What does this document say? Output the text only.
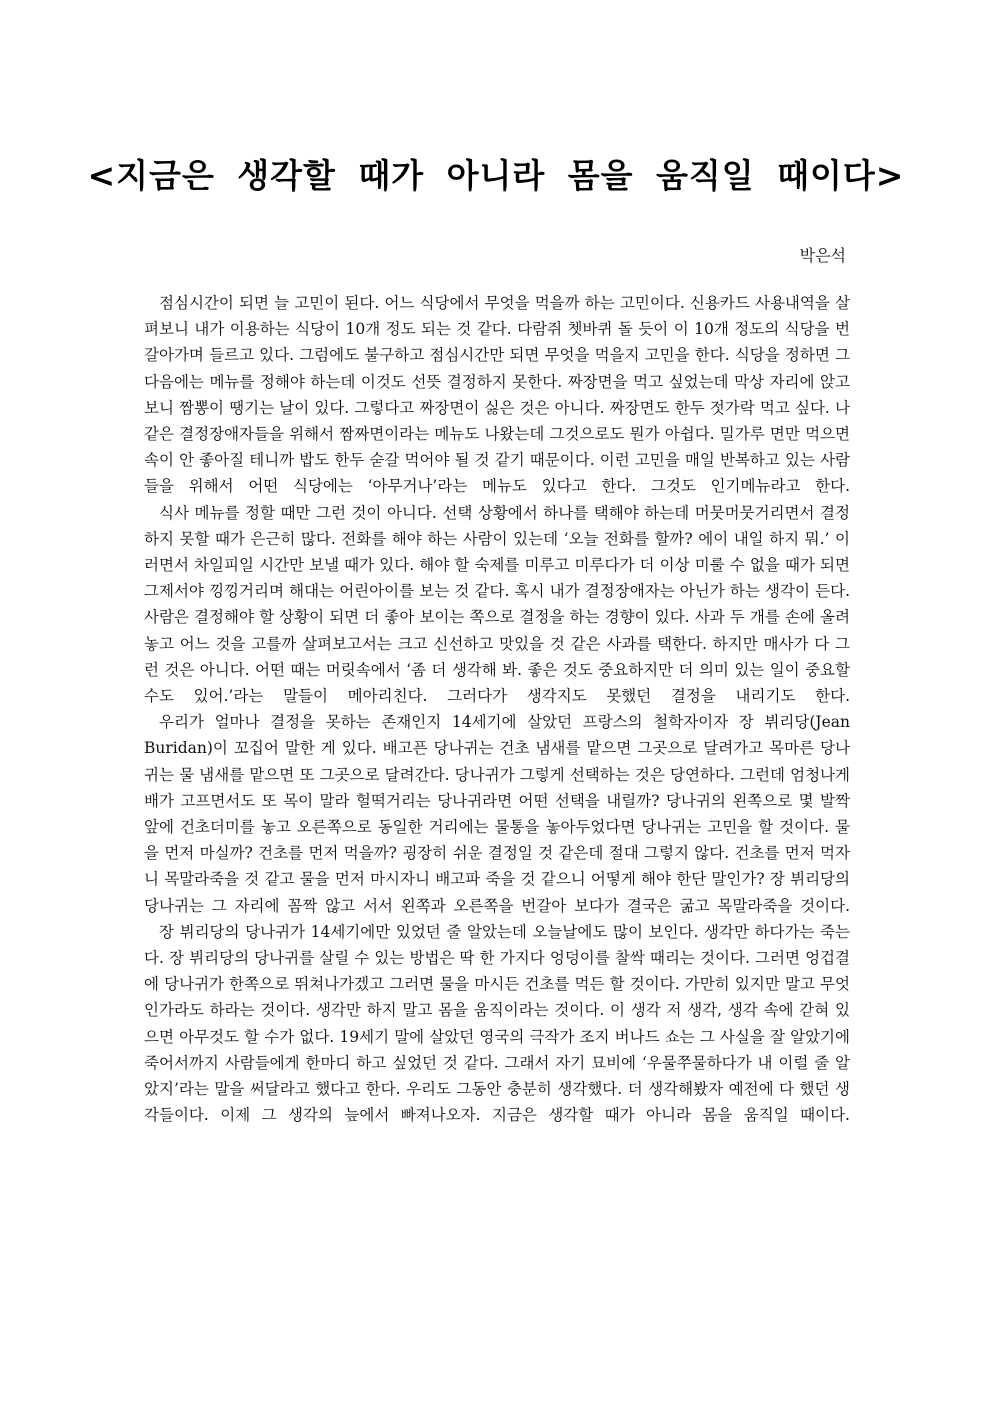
<지금은 생각할 때가 아니라 몸을 움직일 때이다>
박은석

점심시간이 되면 늘 고민이 된다. 어느 식당에서 무엇을 먹을까 하는 고민이다. 신용카드 사용내역을 살펴보니 내가 이용하는 식당이 10개 정도 되는 것 같다. 다람쥐 쳇바퀴 돌 듯이 이 10개 정도의 식당을 번갈아가며 들르고 있다. 그럼에도 불구하고 점심시간만 되면 무엇을 먹을지 고민을 한다. 식당을 정하면 그다음에는 메뉴를 정해야 하는데 이것도 선뜻 결정하지 못한다. 짜장면을 먹고 싶었는데 막상 자리에 앉고 보니 짬뽕이 땡기는 날이 있다. 그렇다고 짜장면이 싫은 것은 아니다. 짜장면도 한두 젓가락 먹고 싶다. 나 같은 결정장애자들을 위해서 짬짜면이라는 메뉴도 나왔는데 그것으로도 뭔가 아쉽다. 밀가루 면만 먹으면 속이 안 좋아질 테니까 밥도 한두 숟갈 먹어야 될 것 같기 때문이다. 이런 고민을 매일 반복하고 있는 사람들을 위해서 어떤 식당에는 ‘아무거나’라는 메뉴도 있다고 한다. 그것도 인기메뉴라고 한다.

식사 메뉴를 정할 때만 그런 것이 아니다. 선택 상황에서 하나를 택해야 하는데 머뭇머뭇거리면서 결정하지 못할 때가 은근히 많다. 전화를 해야 하는 사람이 있는데 ‘오늘 전화를 할까? 에이 내일 하지 뭐.’ 이러면서 차일피일 시간만 보낼 때가 있다. 해야 할 숙제를 미루고 미루다가 더 이상 미룰 수 없을 때가 되면 그제서야 낑낑거리며 해대는 어린아이를 보는 것 같다. 혹시 내가 결정장애자는 아닌가 하는 생각이 든다. 사람은 결정해야 할 상황이 되면 더 좋아 보이는 쪽으로 결정을 하는 경향이 있다. 사과 두 개를 손에 올려놓고 어느 것을 고를까 살펴보고서는 크고 신선하고 맛있을 것 같은 사과를 택한다. 하지만 매사가 다 그런 것은 아니다. 어떤 때는 머릿속에서 ‘좀 더 생각해 봐. 좋은 것도 중요하지만 더 의미 있는 일이 중요할 수도 있어.’라는 말들이 메아리친다. 그러다가 생각지도 못했던 결정을 내리기도 한다.

우리가 얼마나 결정을 못하는 존재인지 14세기에 살았던 프랑스의 철학자이자 장 뷔리당(Jean Buridan)이 꼬집어 말한 게 있다. 배고픈 당나귀는 건초 냄새를 맡으면 그곳으로 달려가고 목마른 당나귀는 물 냄새를 맡으면 또 그곳으로 달려간다. 당나귀가 그렇게 선택하는 것은 당연하다. 그런데 엄청나게 배가 고프면서도 또 목이 말라 헐떡거리는 당나귀라면 어떤 선택을 내릴까? 당나귀의 왼쪽으로 몇 발짝 앞에 건초더미를 놓고 오른쪽으로 동일한 거리에는 물통을 놓아두었다면 당나귀는 고민을 할 것이다. 물을 먼저 마실까? 건초를 먼저 먹을까? 굉장히 쉬운 결정일 것 같은데 절대 그렇지 않다. 건초를 먼저 먹자니 목말라죽을 것 같고 물을 먼저 마시자니 배고파 죽을 것 같으니 어떻게 해야 한단 말인가? 장 뷔리당의 당나귀는 그 자리에 꼼짝 않고 서서 왼쪽과 오른쪽을 번갈아 보다가 결국은 굶고 목말라죽을 것이다.

장 뷔리당의 당나귀가 14세기에만 있었던 줄 알았는데 오늘날에도 많이 보인다. 생각만 하다가는 죽는다. 장 뷔리당의 당나귀를 살릴 수 있는 방법은 딱 한 가지다 엉덩이를 찰싹 때리는 것이다. 그러면 엉겁결에 당나귀가 한쪽으로 뛰쳐나가겠고 그러면 물을 마시든 건초를 먹든 할 것이다. 가만히 있지만 말고 무엇인가라도 하라는 것이다. 생각만 하지 말고 몸을 움직이라는 것이다. 이 생각 저 생각, 생각 속에 갇혀 있으면 아무것도 할 수가 없다. 19세기 말에 살았던 영국의 극작가 조지 버나드 쇼는 그 사실을 잘 알았기에 죽어서까지 사람들에게 한마디 하고 싶었던 것 같다. 그래서 자기 묘비에 ‘우물쭈물하다가 내 이럴 줄 알았지’라는 말을 써달라고 했다고 한다. 우리도 그동안 충분히 생각했다. 더 생각해봤자 예전에 다 했던 생각들이다. 이제 그 생각의 늪에서 빠져나오자. 지금은 생각할 때가 아니라 몸을 움직일 때이다.
